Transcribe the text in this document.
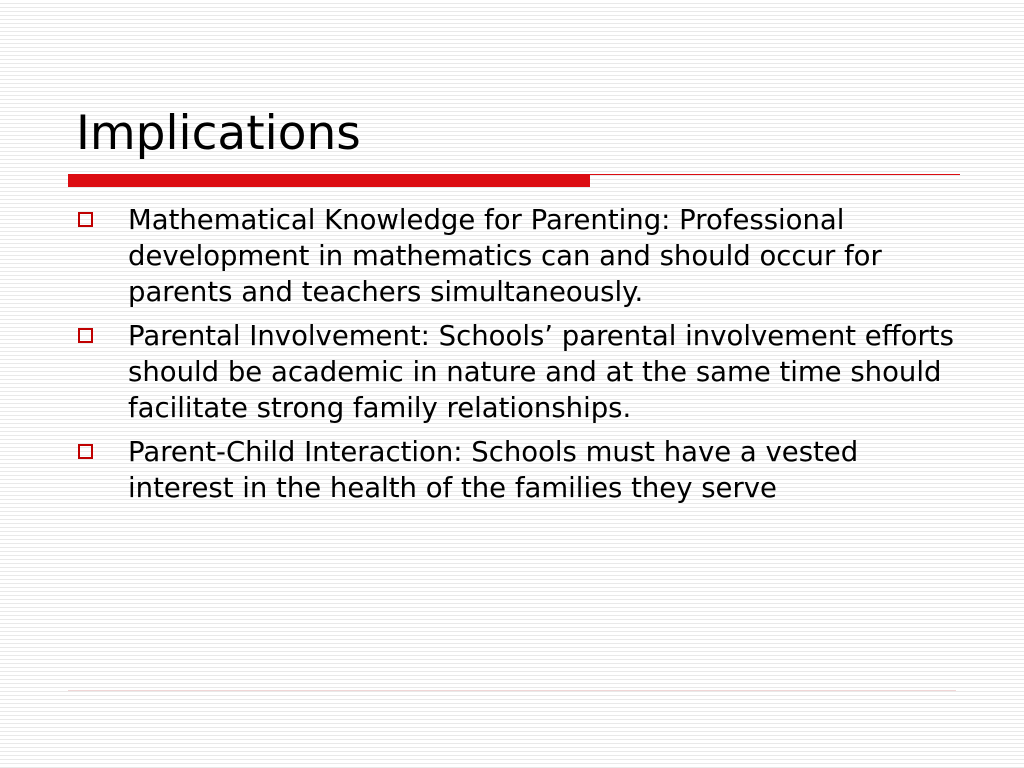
Implications
Mathematical Knowledge for Parenting: Professional development in mathematics can and should occur for parents and teachers simultaneously.
Parental Involvement: Schools’ parental involvement efforts should be academic in nature and at the same time should facilitate strong family relationships.
Parent-Child Interaction: Schools must have a vested interest in the health of the families they serve
